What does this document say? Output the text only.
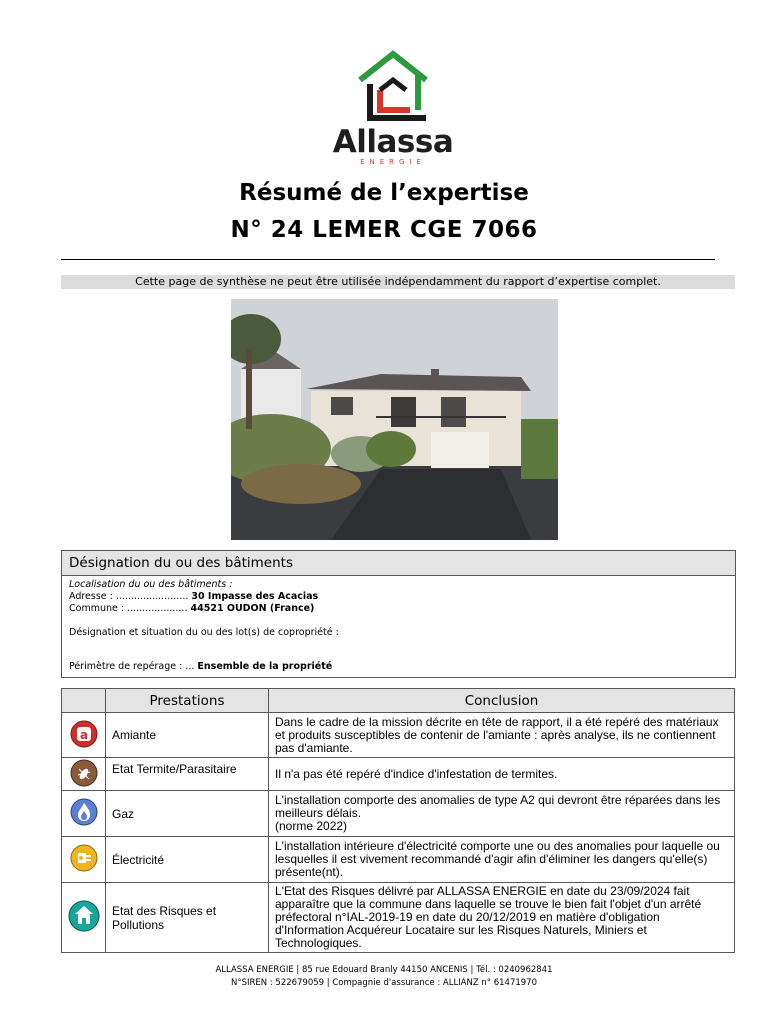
Allassa
ENERGIE
Résumé de l’expertise
N° 24 LEMER CGE 7066
Cette page de synthèse ne peut être utilisée indépendamment du rapport d’expertise complet.
Désignation du ou des bâtiments
Localisation du ou des bâtiments :
Adresse : ........................ 30 Impasse des Acacias
Commune : .................... 44521 OUDON (France)
Désignation et situation du ou des lot(s) de copropriété :
Périmètre de repérage : ... Ensemble de la propriété
	Prestations	Conclusion

a	Amiante	Dans le cadre de la mission décrite en tête de rapport, il a été repéré des matériaux et produits susceptibles de contenir de l'amiante : après analyse, ils ne contiennent pas d'amiante.
	Etat Termite/Parasitaire	Il n'a pas été repéré d'indice d'infestation de termites.
	Gaz	L'installation comporte des anomalies de type A2 qui devront être réparées dans les meilleurs délais.
(norme 2022)
	Électricité	L'installation intérieure d'électricité comporte une ou des anomalies pour laquelle ou lesquelles il est vivement recommandé d'agir afin d'éliminer les dangers qu'elle(s) présente(nt).
	Etat des Risques et Pollutions	L'Etat des Risques délivré par ALLASSA ENERGIE en date du 23/09/2024 fait apparaître que la commune dans laquelle se trouve le bien fait l'objet d'un arrêté préfectoral n°IAL-2019-19 en date du 20/12/2019 en matière d'obligation d'Information Acquéreur Locataire sur les Risques Naturels, Miniers et Technologiques.
ALLASSA ENERGIE | 85 rue Edouard Branly 44150 ANCENIS | Tél. : 0240962841
N°SIREN : 522679059 | Compagnie d'assurance : ALLIANZ n° 61471970
